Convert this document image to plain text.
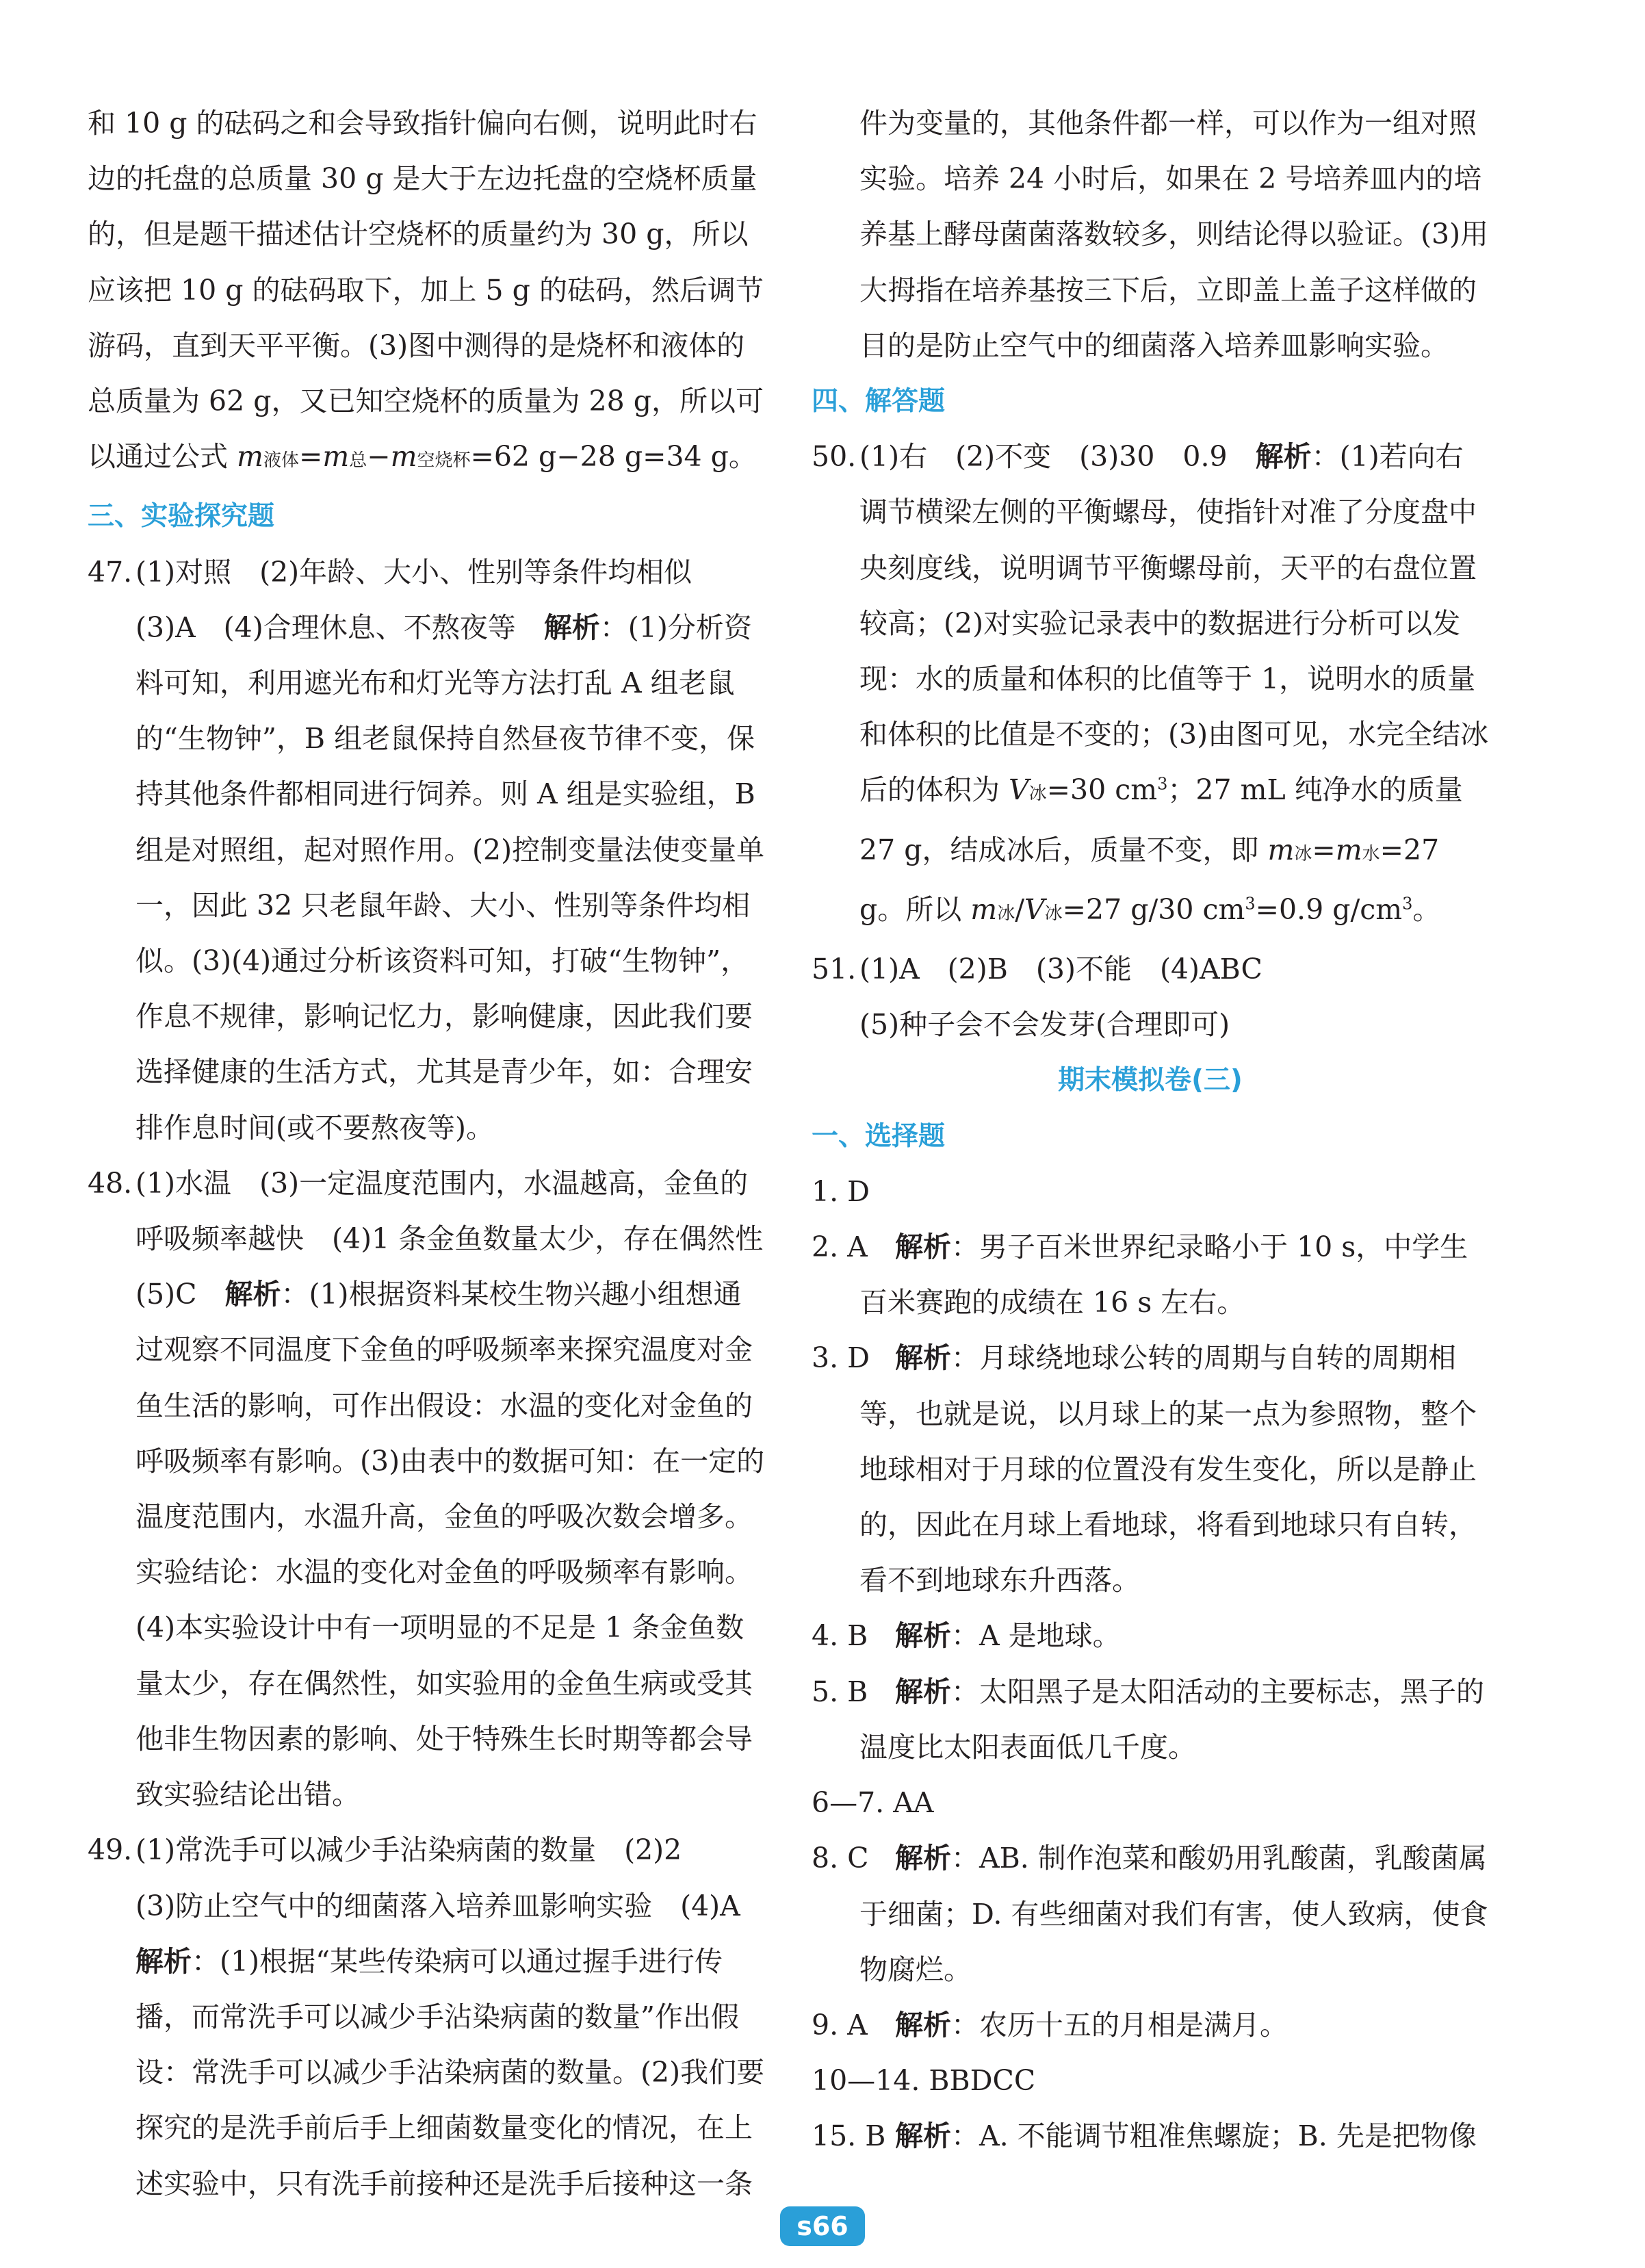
和 10 g 的砝码之和会导致指针偏向右侧，说明此时右边的托盘的总质量 30 g 是大于左边托盘的空烧杯质量的，但是题干描述估计空烧杯的质量约为 30 g，所以应该把 10 g 的砝码取下，加上 5 g 的砝码，然后调节游码，直到天平平衡。(3)图中测得的是烧杯和液体的总质量为 62 g，又已知空烧杯的质量为 28 g，所以可以通过公式 m液体=m总−m空烧杯=62 g−28 g=34 g。

三、实验探究题

47. (1)对照　(2)年龄、大小、性别等条件均相似

(3)A　(4)合理休息、不熬夜等　 解析：(1)分析资料可知，利用遮光布和灯光等方法打乱 A 组老鼠的“生物钟”，B 组老鼠保持自然昼夜节律不变，保持其他条件都相同进行饲养。则 A 组是实验组，B 组是对照组，起对照作用。(2)控制变量法使变量单一，因此 32 只老鼠年龄、大小、性别等条件均相似。(3)(4)通过分析该资料可知，打破“生物钟”，作息不规律，影响记忆力，影响健康，因此我们要选择健康的生活方式，尤其是青少年，如：合理安排作息时间(或不要熬夜等)。

48. (1)水温　(3)一定温度范围内，水温越高，金鱼的呼吸频率越快　(4)1 条金鱼数量太少，存在偶然性

(5)C　 解析：(1)根据资料某校生物兴趣小组想通过观察不同温度下金鱼的呼吸频率来探究温度对金鱼生活的影响，可作出假设：水温的变化对金鱼的呼吸频率有影响。(3)由表中的数据可知：在一定的温度范围内，水温升高，金鱼的呼吸次数会增多。实验结论：水温的变化对金鱼的呼吸频率有影响。(4)本实验设计中有一项明显的不足是 1 条金鱼数量太少，存在偶然性，如实验用的金鱼生病或受其他非生物因素的影响、处于特殊生长时期等都会导致实验结论出错。

49. (1)常洗手可以减少手沾染病菌的数量　(2)2

(3)防止空气中的细菌落入培养皿影响实验　(4)A

解析：(1)根据“某些传染病可以通过握手进行传播，而常洗手可以减少手沾染病菌的数量”作出假设：常洗手可以减少手沾染病菌的数量。(2)我们要探究的是洗手前后手上细菌数量变化的情况，在上述实验中，只有洗手前接种还是洗手后接种这一条

件为变量的，其他条件都一样，可以作为一组对照实验。培养 24 小时后，如果在 2 号培养皿内的培养基上酵母菌菌落数较多，则结论得以验证。(3)用大拇指在培养基按三下后，立即盖上盖子这样做的目的是防止空气中的细菌落入培养皿影响实验。

四、解答题

50. (1)右　(2)不变　(3)30　0.9　 解析：(1)若向右调节横梁左侧的平衡螺母，使指针对准了分度盘中央刻度线，说明调节平衡螺母前，天平的右盘位置较高；(2)对实验记录表中的数据进行分析可以发现：水的质量和体积的比值等于 1，说明水的质量和体积的比值是不变的；(3)由图可见，水完全结冰后的体积为 V冰=30 $cm^3$；27 mL 纯净水的质量 27 g，结成冰后，质量不变，即 m冰=m水=27 g。所以 m冰/V冰=27 g/30 $cm^3=0.9$ $g/cm^3$。

51. (1)A　(2)B　(3)不能　(4)ABC

(5)种子会不会发芽(合理即可)

期末模拟卷(三)

一、选择题

1. D

2. A 解析：男子百米世界纪录略小于 10 s，中学生百米赛跑的成绩在 16 s 左右。

3. D 解析：月球绕地球公转的周期与自转的周期相等，也就是说，以月球上的某一点为参照物，整个地球相对于月球的位置没有发生变化，所以是静止的，因此在月球上看地球，将看到地球只有自转，看不到地球东升西落。

4. B 解析：A 是地球。

5. B 解析：太阳黑子是太阳活动的主要标志，黑子的温度比太阳表面低几千度。

6—7. AA

8. C 解析：AB. 制作泡菜和酸奶用乳酸菌，乳酸菌属于细菌；D. 有些细菌对我们有害，使人致病，使食物腐烂。

9. A 解析：农历十五的月相是满月。

10—14. BBDCC

15. B 解析：A. 不能调节粗准焦螺旋；B. 先是把物像

s66
